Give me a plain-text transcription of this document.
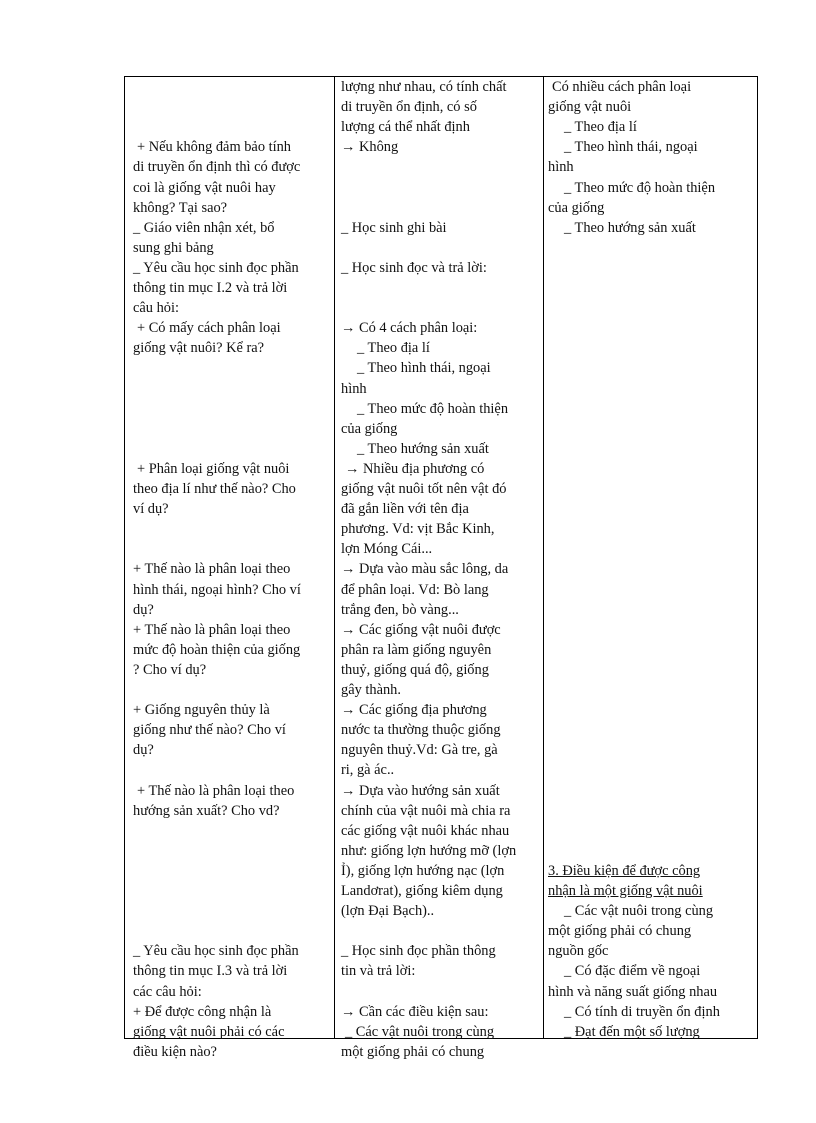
+ Nếu không đảm bảo tính
di truyền ổn định thì có được
coi là giống vật nuôi hay
không? Tại sao?
_ Giáo viên nhận xét, bổ
sung ghi bảng
_ Yêu cầu học sinh đọc phần
thông tin mục I.2 và trả lời
câu hỏi:
+ Có mấy cách phân loại
giống vật nuôi? Kể ra?
+ Phân loại giống vật nuôi
theo địa lí như thế nào? Cho
ví dụ?
+ Thế nào là phân loại theo
hình thái, ngoại hình? Cho ví
dụ?
+ Thế nào là phân loại theo
mức độ hoàn thiện của giống
? Cho ví dụ?
+ Giống nguyên thủy là
giống như thế nào? Cho ví
dụ?
+ Thế nào là phân loại theo
hướng sản xuất? Cho vd?
_ Yêu cầu học sinh đọc phần
thông tin mục I.3 và trả lời
các câu hỏi:
+ Để được công nhận là
giống vật nuôi phải có các
điều kiện nào?
lượng như nhau, có tính chất
di truyền ổn định, có số
lượng cá thể nhất định
→ Không
_ Học sinh ghi bài
_ Học sinh đọc và trả lời:
→ Có 4 cách phân loại:
_ Theo địa lí
_ Theo hình thái, ngoại
hình
_ Theo mức độ hoàn thiện
của giống
_ Theo hướng sản xuất
→ Nhiều địa phương có
giống vật nuôi tốt nên vật đó
đã gắn liền với tên địa
phương. Vd: vịt Bắc Kinh,
lợn Móng Cái...
→ Dựa vào màu sắc lông, da
để phân loại. Vd: Bò lang
trắng đen, bò vàng...
→ Các giống vật nuôi được
phân ra làm giống nguyên
thuỷ, giống quá độ, giống
gây thành.
→ Các giống địa phương
nước ta thường thuộc giống
nguyên thuỷ.Vd: Gà tre, gà
ri, gà ác..
→ Dựa vào hướng sản xuất
chính của vật nuôi mà chia ra
các giống vật nuôi khác nhau
như: giống lợn hướng mỡ (lợn
Ỉ), giống lợn hướng nạc (lợn
Landơrat), giống kiêm dụng
(lợn Đại Bạch)..
_ Học sinh đọc phần thông
tin và trả lời:
→ Cần các điều kiện sau:
_ Các vật nuôi trong cùng
một giống phải có chung
Có nhiều cách phân loại
giống vật nuôi
_ Theo địa lí
_ Theo hình thái, ngoại
hình
_ Theo mức độ hoàn thiện
của giống
_ Theo hướng sản xuất
3. Điều kiện để được công
nhận là một giống vật nuôi
_ Các vật nuôi trong cùng
một giống phải có chung
nguồn gốc
_ Có đặc điểm về ngoại
hình và năng suất giống nhau
_ Có tính di truyền ổn định
_ Đạt đến một số lượng
